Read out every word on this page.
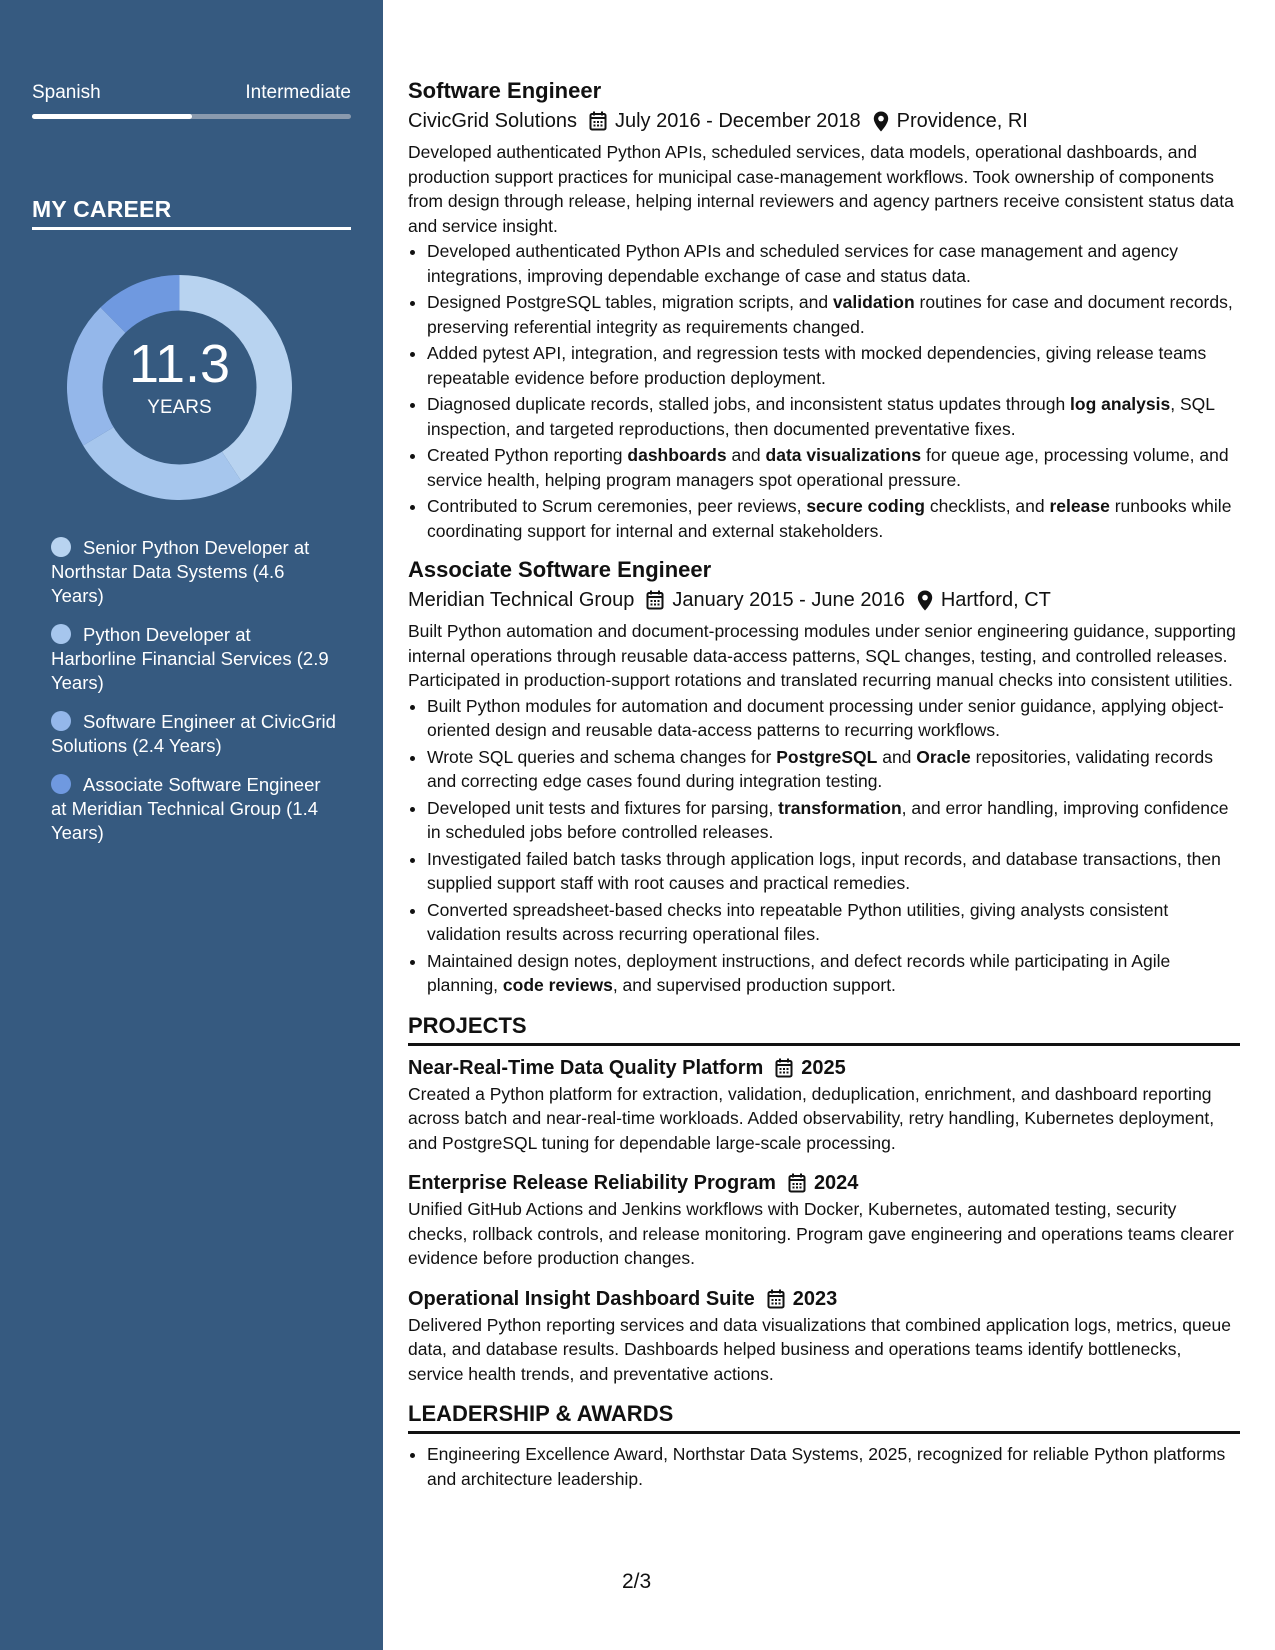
Spanish	Intermediate
MY CAREER
11.3
YEARS
Senior Python Developer at Northstar Data Systems (4.6 Years)
Python Developer at Harborline Financial Services (2.9 Years)
Software Engineer at CivicGrid Solutions (2.4 Years)
Associate Software Engineer at Meridian Technical Group (1.4 Years)
Software Engineer
CivicGrid Solutions July 2016 - December 2018 Providence, RI

Developed authenticated Python APIs, scheduled services, data models, operational dashboards, and production support practices for municipal case-management workflows. Took ownership of components from design through release, helping internal reviewers and agency partners receive consistent status data and service insight.

• Developed authenticated Python APIs and scheduled services for case management and agency integrations, improving dependable exchange of case and status data.
• Designed PostgreSQL tables, migration scripts, and validation routines for case and document records, preserving referential integrity as requirements changed.
• Added pytest API, integration, and regression tests with mocked dependencies, giving release teams repeatable evidence before production deployment.
• Diagnosed duplicate records, stalled jobs, and inconsistent status updates through log analysis, SQL inspection, and targeted reproductions, then documented preventative fixes.
• Created Python reporting dashboards and data visualizations for queue age, processing volume, and service health, helping program managers spot operational pressure.
• Contributed to Scrum ceremonies, peer reviews, secure coding checklists, and release runbooks while coordinating support for internal and external stakeholders.
Associate Software Engineer
Meridian Technical Group January 2015 - June 2016 Hartford, CT

Built Python automation and document-processing modules under senior engineering guidance, supporting internal operations through reusable data-access patterns, SQL changes, testing, and controlled releases. Participated in production-support rotations and translated recurring manual checks into consistent utilities.

• Built Python modules for automation and document processing under senior guidance, applying object-oriented design and reusable data-access patterns to recurring workflows.
• Wrote SQL queries and schema changes for PostgreSQL and Oracle repositories, validating records and correcting edge cases found during integration testing.
• Developed unit tests and fixtures for parsing, transformation, and error handling, improving confidence in scheduled jobs before controlled releases.
• Investigated failed batch tasks through application logs, input records, and database transactions, then supplied support staff with root causes and practical remedies.
• Converted spreadsheet-based checks into repeatable Python utilities, giving analysts consistent validation results across recurring operational files.
• Maintained design notes, deployment instructions, and defect records while participating in Agile planning, code reviews, and supervised production support.
PROJECTS
Near-Real-Time Data Quality Platform 2025

Created a Python platform for extraction, validation, deduplication, enrichment, and dashboard reporting across batch and near-real-time workloads. Added observability, retry handling, Kubernetes deployment, and PostgreSQL tuning for dependable large-scale processing.

Enterprise Release Reliability Program 2024

Unified GitHub Actions and Jenkins workflows with Docker, Kubernetes, automated testing, security checks, rollback controls, and release monitoring. Program gave engineering and operations teams clearer evidence before production changes.

Operational Insight Dashboard Suite 2023

Delivered Python reporting services and data visualizations that combined application logs, metrics, queue data, and database results. Dashboards helped business and operations teams identify bottlenecks, service health trends, and preventative actions.

LEADERSHIP & AWARDS
• Engineering Excellence Award, Northstar Data Systems, 2025, recognized for reliable Python platforms and architecture leadership.
2/3
